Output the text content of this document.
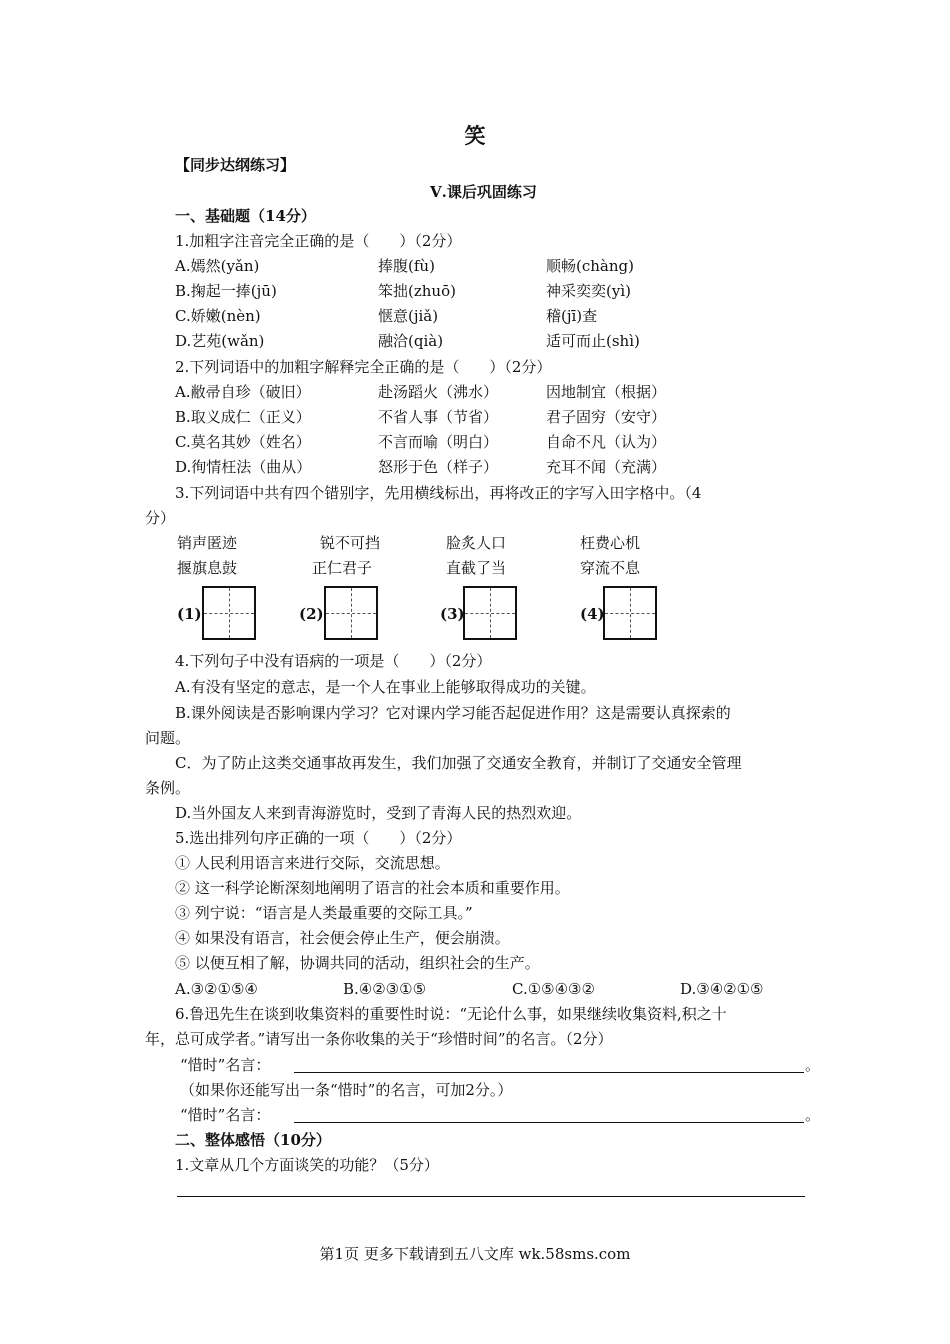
笑
【同步达纲练习】
Ⅴ.课后巩固练习
一、基础题（14分）
1.加粗字注音完全正确的是（　　）（2分）
A.嫣然(yǎn)	捧腹(fù)	顺畅(chàng)
B.掬起一捧(jū)	笨拙(zhuō)	神采奕奕(yì)
C.娇嫩(nèn)	惬意(jiǎ)	稽(jī)查
D.艺苑(wǎn)	融洽(qià)	适可而止(shì)
2.下列词语中的加粗字解释完全正确的是（　　）（2分）
A.敝帚自珍（破旧）	赴汤蹈火（沸水）	因地制宜（根据）
B.取义成仁（正义）	不省人事（节省）	君子固穷（安守）
C.莫名其妙（姓名）	不言而喻（明白）	自命不凡（认为）
D.徇情枉法（曲从）	怒形于色（样子）	充耳不闻（充满）
3.下列词语中共有四个错别字，先用横线标出，再将改正的字写入田字格中。（4
分）
销声匿迹	锐不可挡	脸炙人口	枉费心机
揠旗息鼓	正仁君子	直截了当	穿流不息
(1)	(2)	(3)	(4)
4.下列句子中没有语病的一项是（　　）（2分）
A.有没有坚定的意志，是一个人在事业上能够取得成功的关键。
B.课外阅读是否影响课内学习？它对课内学习能否起促进作用？这是需要认真探索的
问题。
C．为了防止这类交通事故再发生，我们加强了交通安全教育，并制订了交通安全管理
条例。
D.当外国友人来到青海游览时，受到了青海人民的热烈欢迎。
5.选出排列句序正确的一项（　　）（2分）
① 人民利用语言来进行交际，交流思想。
② 这一科学论断深刻地阐明了语言的社会本质和重要作用。
③ 列宁说：“语言是人类最重要的交际工具。”
④ 如果没有语言，社会便会停止生产，便会崩溃。
⑤ 以便互相了解，协调共同的活动，组织社会的生产。
A.③②①⑤④	B.④②③①⑤	C.①⑤④③②	D.③④②①⑤
6.鲁迅先生在谈到收集资料的重要性时说：“无论什么事，如果继续收集资料,积之十
年，总可成学者。”请写出一条你收集的关于“珍惜时间”的名言。（2分）
“惜时”名言：	。
（如果你还能写出一条“惜时”的名言，可加2分。）
“惜时”名言：	。
二、整体感悟（10分）
1.文章从几个方面谈笑的功能？（5分）
第1页 更多下载请到五八文库 wk.58sms.com
